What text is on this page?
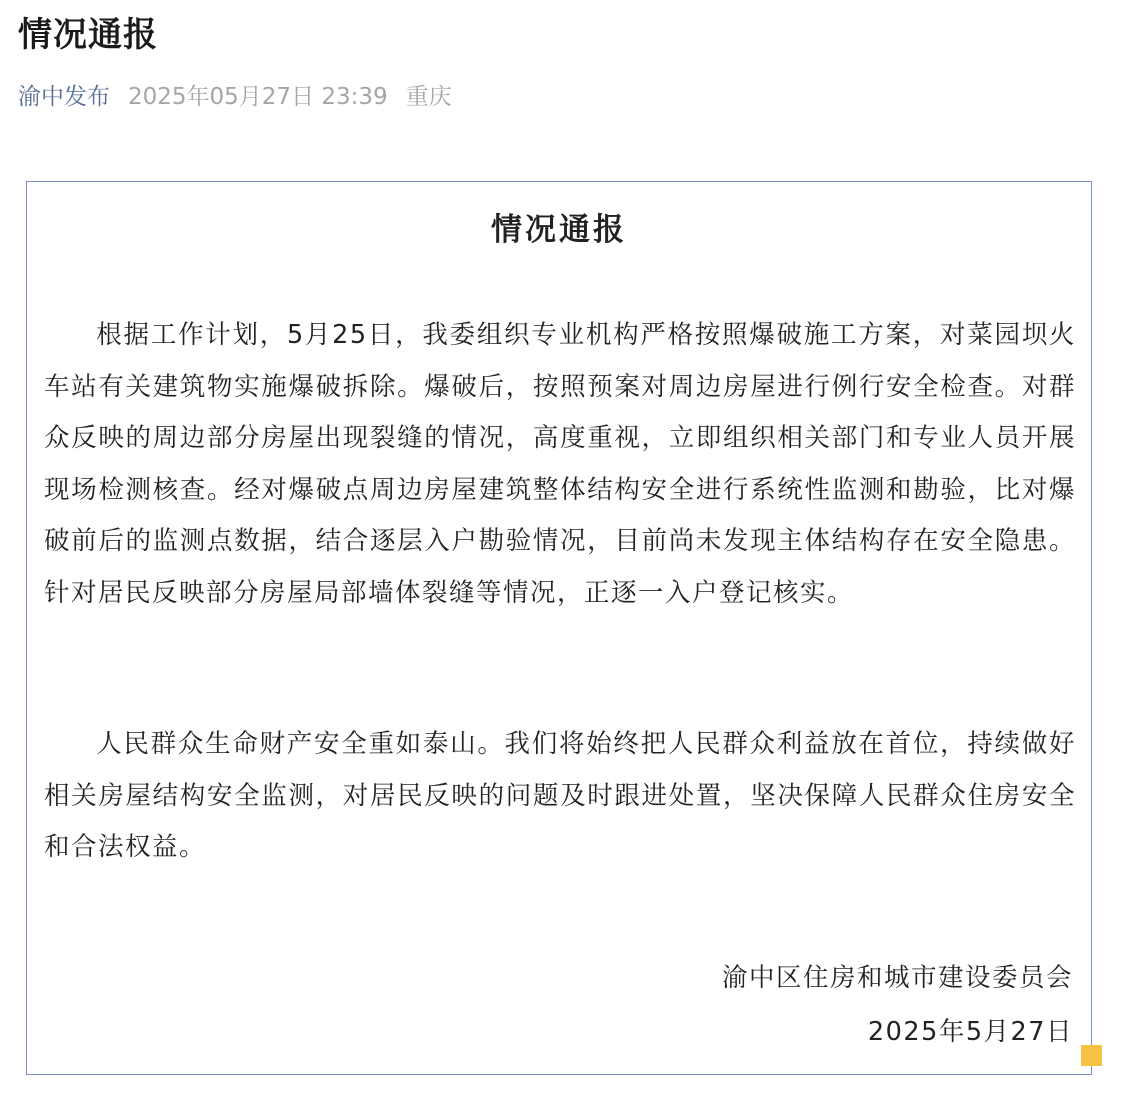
情况通报
渝中发布 2025年05月27日 23:39 重庆
情况通报

根据工作计划，5月25日，我委组织专业机构严格按照爆破施工方案，对菜园坝火车站有关建筑物实施爆破拆除。爆破后，按照预案对周边房屋进行例行安全检查。对群众反映的周边部分房屋出现裂缝的情况，高度重视，立即组织相关部门和专业人员开展现场检测核查。经对爆破点周边房屋建筑整体结构安全进行系统性监测和勘验，比对爆破前后的监测点数据，结合逐层入户勘验情况，目前尚未发现主体结构存在安全隐患。针对居民反映部分房屋局部墙体裂缝等情况，正逐一入户登记核实。

人民群众生命财产安全重如泰山。我们将始终把人民群众利益放在首位，持续做好相关房屋结构安全监测，对居民反映的问题及时跟进处置，坚决保障人民群众住房安全和合法权益。

渝中区住房和城市建设委员会
2025年5月27日
